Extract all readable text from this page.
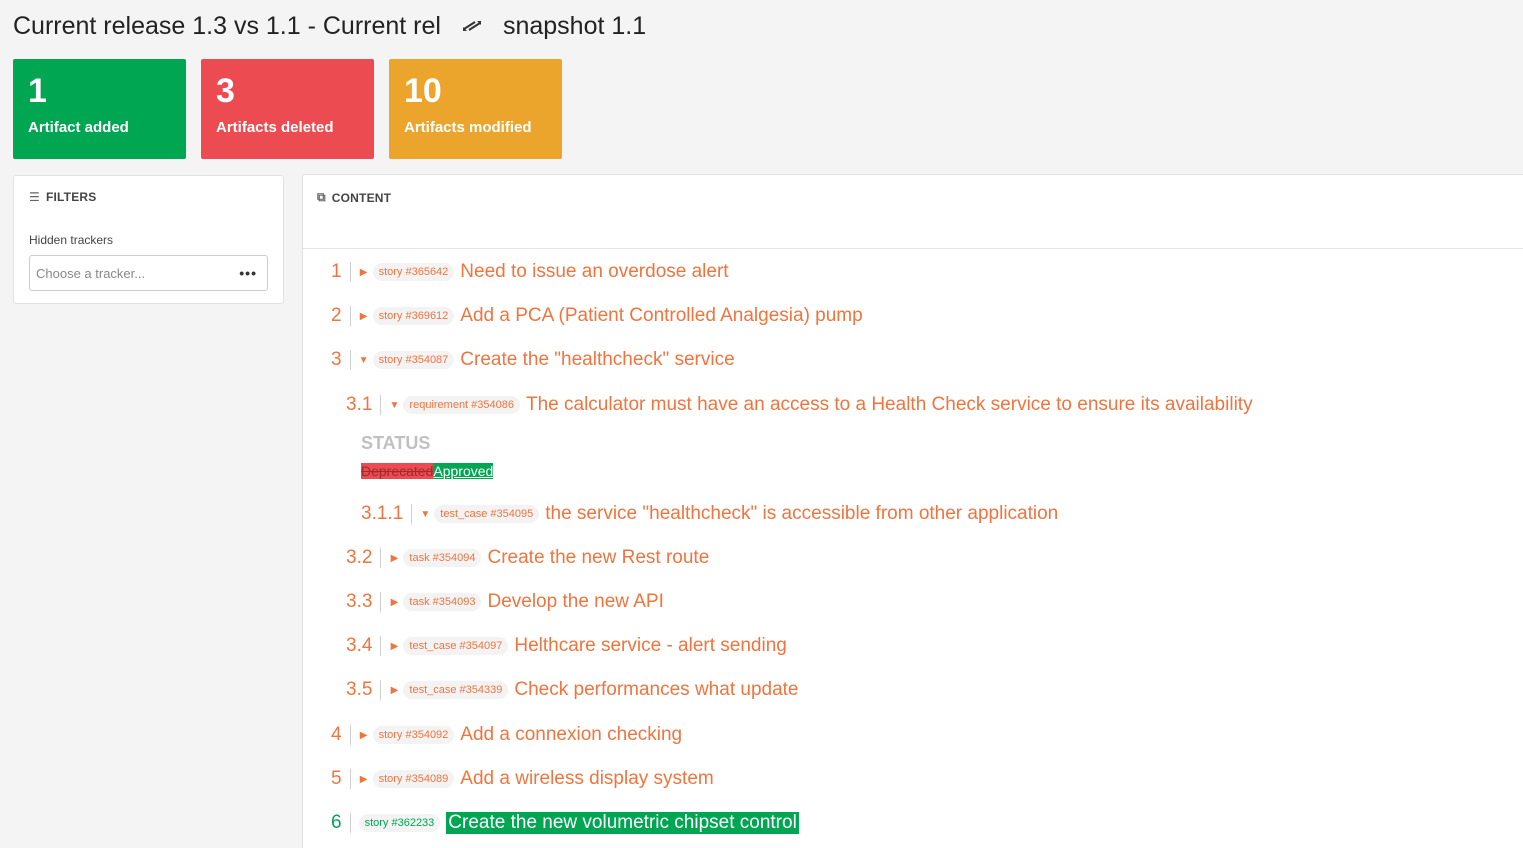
Current release 1.3 vs 1.1 - Current rel snapshot 1.1
1
Artifact added
3
Artifacts deleted
10
Artifacts modified
☰ FILTERS
Hidden trackers
Choose a tracker...	•••
⧉ CONTENT
1 ▶	story #365642 Need to issue an overdose alert
2 ▶	story #369612 Add a PCA (Patient Controlled Analgesia) pump
3 ▼ story #354087 Create the "healthcheck" service
3.1 ▼ requirement #354086 The calculator must have an access to a Health Check service to ensure its availability
STATUS
DeprecatedApproved
3.1.1 ▼ test_case #354095 the service "healthcheck" is accessible from other application
3.2 ▶	task #354094 Create the new Rest route
3.3 ▶	task #354093 Develop the new API
3.4 ▶	test_case #354097 Helthcare service - alert sending
3.5 ▶	test_case #354339 Check performances what update
4 ▶	story #354092 Add a connexion checking
5 ▶	story #354089 Add a wireless display system
6	story #362233 Create the new volumetric chipset control
